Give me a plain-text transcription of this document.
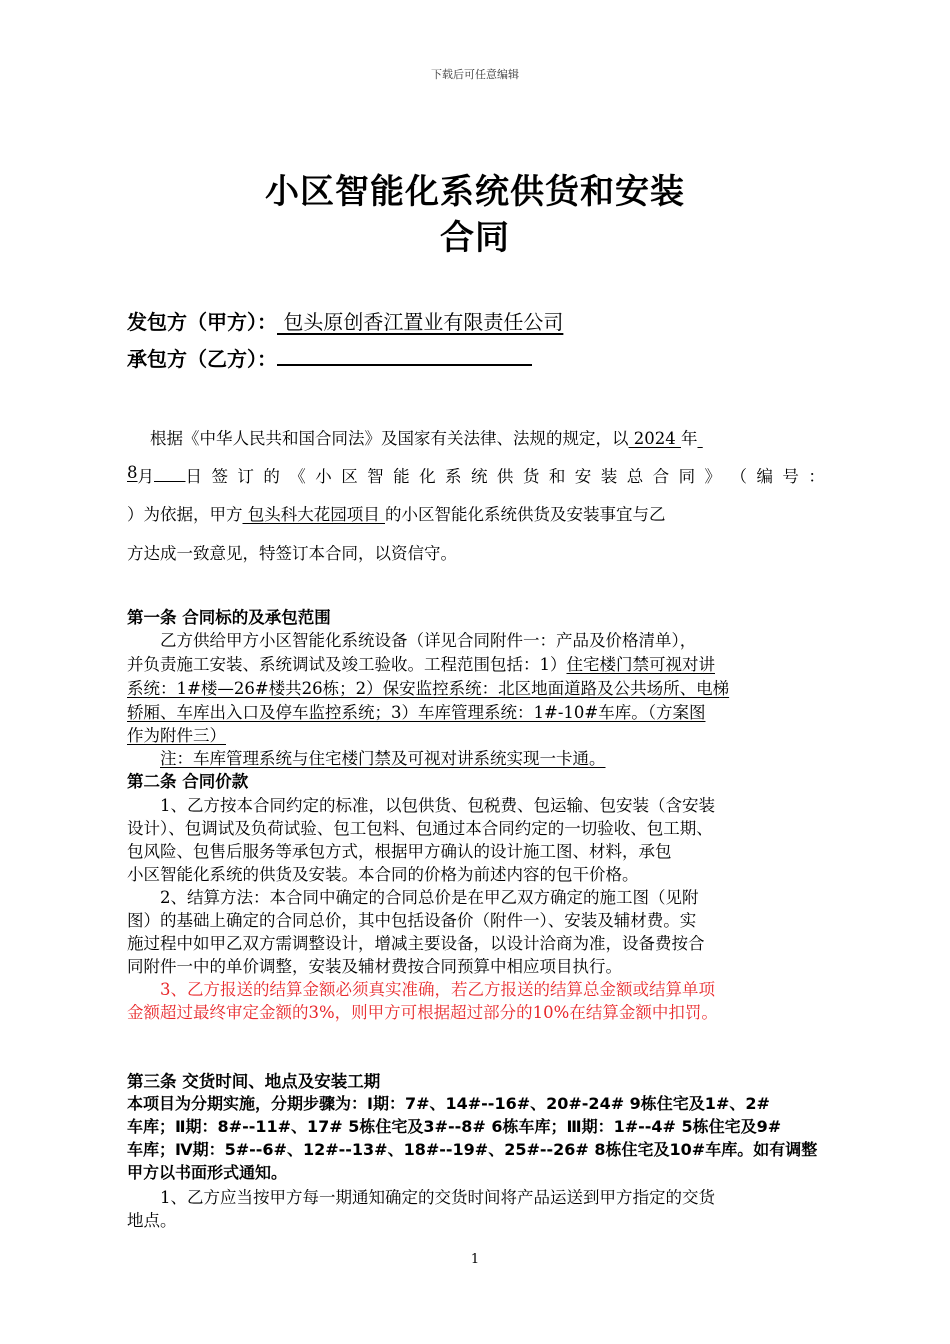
下载后可任意编辑
小区智能化系统供货和安装
合同
发包方（甲方）： 包头原创香江置业有限责任公司
承包方（乙方）：
根据《中华人民共和国合同法》及国家有关法律、法规的规定，以 2024 年
8 月
日 签 订 的 《 小 区 智 能 化 系 统 供 货 和 安 装 总 合 同 》 （ 编 号 ：
）为依据，甲方 包头科大花园项目 的小区智能化系统供货及安装事宜与乙
方达成一致意见，特签订本合同，以资信守。
第一条 合同标的及承包范围
乙方供给甲方小区智能化系统设备（详见合同附件一：产品及价格清单），
并负责施工安装、系统调试及竣工验收。工程范围包括：1）住宅楼门禁可视对讲
系统：1#楼—26#楼共26栋；2）保安监控系统：北区地面道路及公共场所、电梯
轿厢、车库出入口及停车监控系统；3）车库管理系统：1#-10#车库。（方案图
作为附件三）
注：车库管理系统与住宅楼门禁及可视对讲系统实现一卡通。
第二条 合同价款
1、乙方按本合同约定的标准，以包供货、包税费、包运输、包安装（含安装
设计）、包调试及负荷试验、包工包料、包通过本合同约定的一切验收、包工期、
包风险、包售后服务等承包方式，根据甲方确认的设计施工图、材料，承包
小区智能化系统的供货及安装。本合同的价格为前述内容的包干价格。
2、结算方法：本合同中确定的合同总价是在甲乙双方确定的施工图（见附
图）的基础上确定的合同总价，其中包括设备价（附件一）、安装及辅材费。实
施过程中如甲乙双方需调整设计，增减主要设备，以设计洽商为准，设备费按合
同附件一中的单价调整，安装及辅材费按合同预算中相应项目执行。
3、乙方报送的结算金额必须真实准确，若乙方报送的结算总金额或结算单项
金额超过最终审定金额的3%，则甲方可根据超过部分的10%在结算金额中扣罚。
第三条 交货时间、地点及安装工期
本项目为分期实施，分期步骤为：Ⅰ期：7#、14#--16#、20#-24# 9栋住宅及1#、2#
车库；Ⅱ期：8#--11#、17# 5栋住宅及3#--8# 6栋车库；Ⅲ期：1#--4# 5栋住宅及9#
车库；Ⅳ期：5#--6#、12#--13#、18#--19#、25#--26# 8栋住宅及10#车库。如有调整
甲方以书面形式通知。
1、乙方应当按甲方每一期通知确定的交货时间将产品运送到甲方指定的交货
地点。
1
